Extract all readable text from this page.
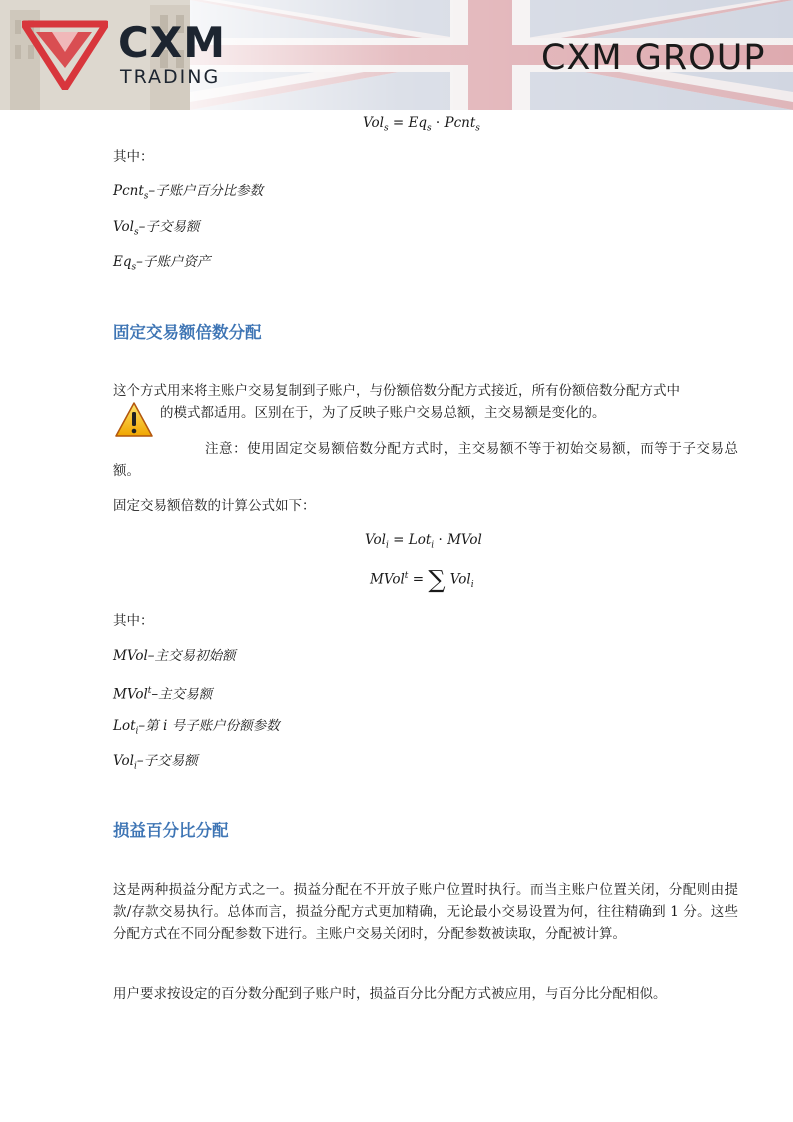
CXM
TRADING	CXM GROUP
$Vol_s = Eq_s$ · Pcnt$_s$
其中：
Pcnt$_s$–子账户百分比参数
Vol$_s$–子交易额
$Eq_s-$子账户资产
固定交易额倍数分配
这个方式用来将主账户交易复制到子账户，与份额倍数分配方式接近，所有份额倍数分配方式中
的模式都适用。区别在于，为了反映子账户交易总额，主交易额是变化的。
注意：使用固定交易额倍数分配方式时，主交易额不等于初始交易额，而等于子交易总额。
固定交易额倍数的计算公式如下：
Vol$_i$ = Lot$_i$ · MVol
MVol$^t$ = ∑ Vol$_i$
其中：
MVol–主交易初始额
MVol$^t$–主交易额
Lot$_i$–第 i 号子账户份额参数
Vol$_i$–子交易额
损益百分比分配
这是两种损益分配方式之一。损益分配在不开放子账户位置时执行。而当主账户位置关闭，分配则由提款/存款交易执行。总体而言，损益分配方式更加精确，无论最小交易设置为何，往往精确到 1 分。这些分配方式在不同分配参数下进行。主账户交易关闭时，分配参数被读取，分配被计算。
用户要求按设定的百分数分配到子账户时，损益百分比分配方式被应用，与百分比分配相似。
